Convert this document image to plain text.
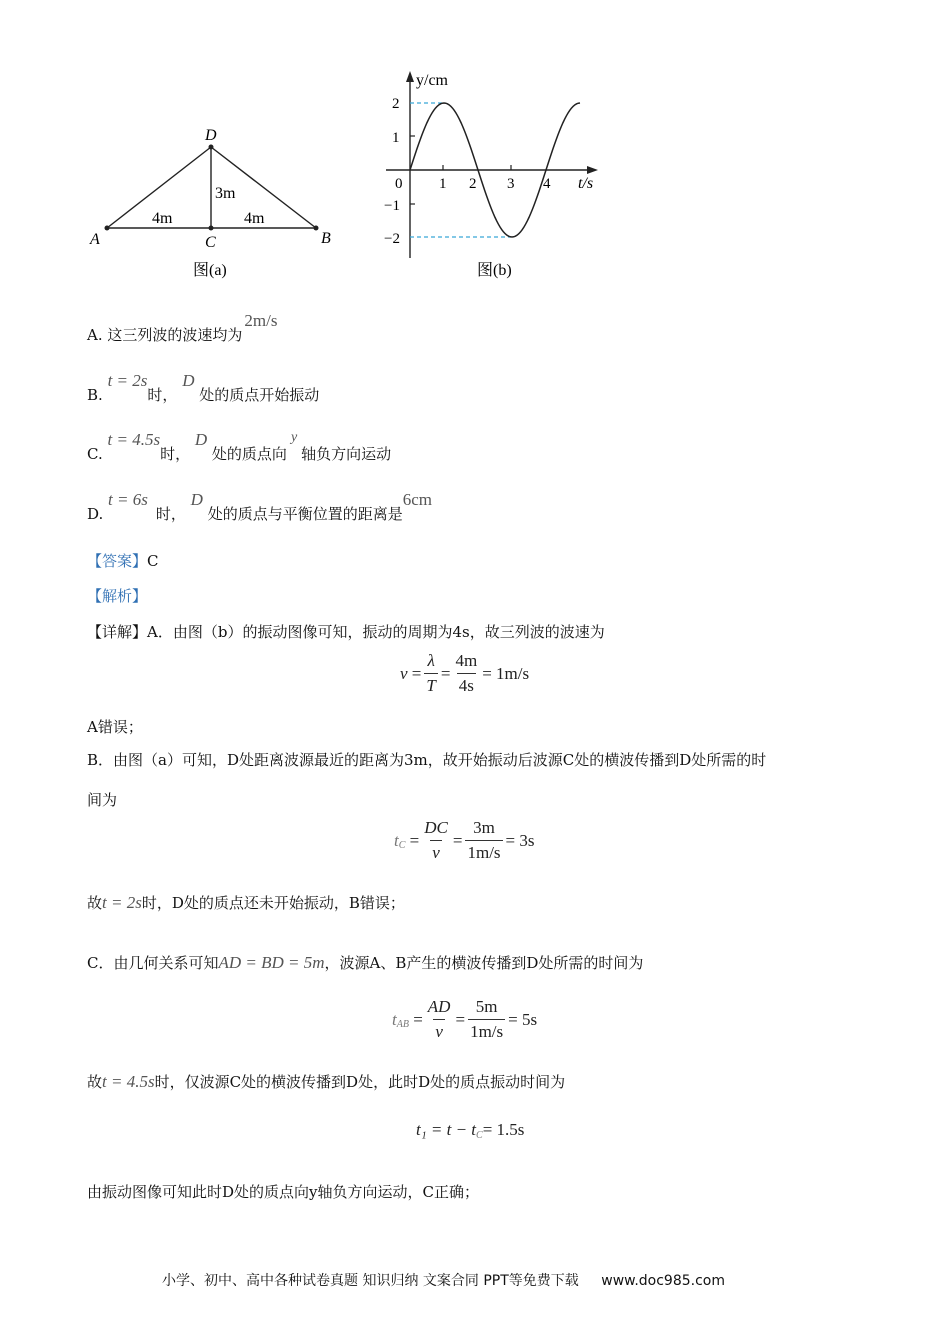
A	C	B
D
4m	4m
3m
图(a)
y/cm
2
1
−1
−2
0 1 2 3 4 t/s
图(b)
A. 这三列波的波速均为2m/s
B. t = 2s时， D 处的质点开始振动
C. t = 4.5s时， D 处的质点向y轴负方向运动
D. t = 6s时， D 处的质点与平衡位置的距离是6cm
【答案】C
【解析】
【详解】A．由图（b）的振动图像可知，振动的周期为4s，故三列波的波速为
$v = \frac{\lambda}{T} = \frac{4m}{4s} = 1m/s$
A错误；
B．由图（a）可知，D处距离波源最近的距离为3m，故开始振动后波源C处的横波传播到D处所需的时
间为
t $C = \frac{DC}{v} = \frac{3m}{1m/s} = 3s$
故t = 2s时，D处的质点还未开始振动，B错误；
C．由几何关系可知AD = BD = 5m，波源A、B产生的横波传播到D处所需的时间为
t AB = $\frac{AD}{v} = \frac{5m}{1m/s} = 5s$
故t = 4.5s时，仅波源C处的横波传播到D处，此时D处的质点振动时间为
t₁ = t − t C = 1.5s
由振动图像可知此时D处的质点向y轴负方向运动，C正确；
小学、初中、高中各种试卷真题 知识归纳 文案合同 PPT等免费下载 www.doc985.com
